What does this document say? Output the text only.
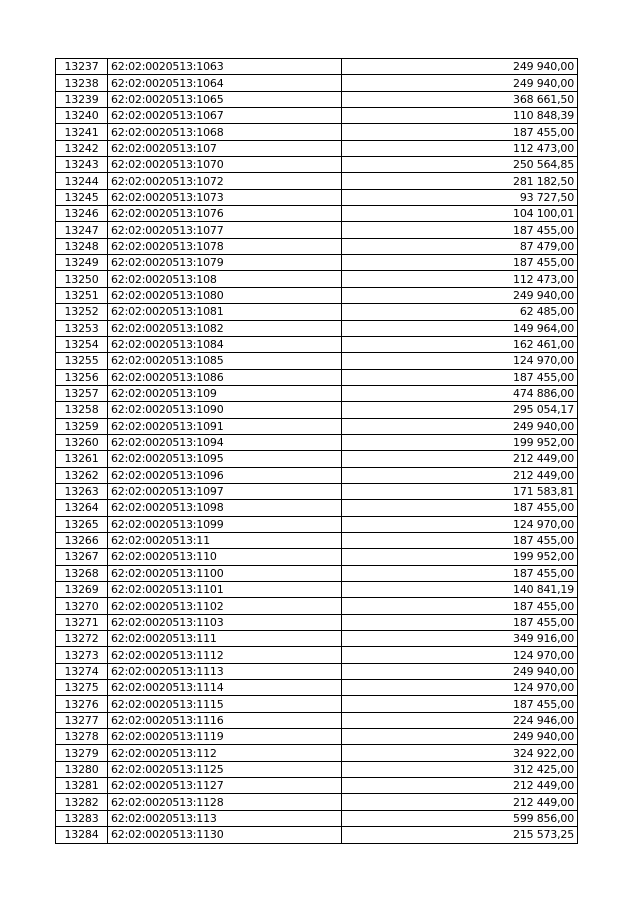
13237	62:02:0020513:1063	249 940,00
13238	62:02:0020513:1064	249 940,00
13239	62:02:0020513:1065	368 661,50
13240	62:02:0020513:1067	110 848,39
13241	62:02:0020513:1068	187 455,00
13242	62:02:0020513:107	112 473,00
13243	62:02:0020513:1070	250 564,85
13244	62:02:0020513:1072	281 182,50
13245	62:02:0020513:1073	93 727,50
13246	62:02:0020513:1076	104 100,01
13247	62:02:0020513:1077	187 455,00
13248	62:02:0020513:1078	87 479,00
13249	62:02:0020513:1079	187 455,00
13250	62:02:0020513:108	112 473,00
13251	62:02:0020513:1080	249 940,00
13252	62:02:0020513:1081	62 485,00
13253	62:02:0020513:1082	149 964,00
13254	62:02:0020513:1084	162 461,00
13255	62:02:0020513:1085	124 970,00
13256	62:02:0020513:1086	187 455,00
13257	62:02:0020513:109	474 886,00
13258	62:02:0020513:1090	295 054,17
13259	62:02:0020513:1091	249 940,00
13260	62:02:0020513:1094	199 952,00
13261	62:02:0020513:1095	212 449,00
13262	62:02:0020513:1096	212 449,00
13263	62:02:0020513:1097	171 583,81
13264	62:02:0020513:1098	187 455,00
13265	62:02:0020513:1099	124 970,00
13266	62:02:0020513:11	187 455,00
13267	62:02:0020513:110	199 952,00
13268	62:02:0020513:1100	187 455,00
13269	62:02:0020513:1101	140 841,19
13270	62:02:0020513:1102	187 455,00
13271	62:02:0020513:1103	187 455,00
13272	62:02:0020513:111	349 916,00
13273	62:02:0020513:1112	124 970,00
13274	62:02:0020513:1113	249 940,00
13275	62:02:0020513:1114	124 970,00
13276	62:02:0020513:1115	187 455,00
13277	62:02:0020513:1116	224 946,00
13278	62:02:0020513:1119	249 940,00
13279	62:02:0020513:112	324 922,00
13280	62:02:0020513:1125	312 425,00
13281	62:02:0020513:1127	212 449,00
13282	62:02:0020513:1128	212 449,00
13283	62:02:0020513:113	599 856,00
13284	62:02:0020513:1130	215 573,25
